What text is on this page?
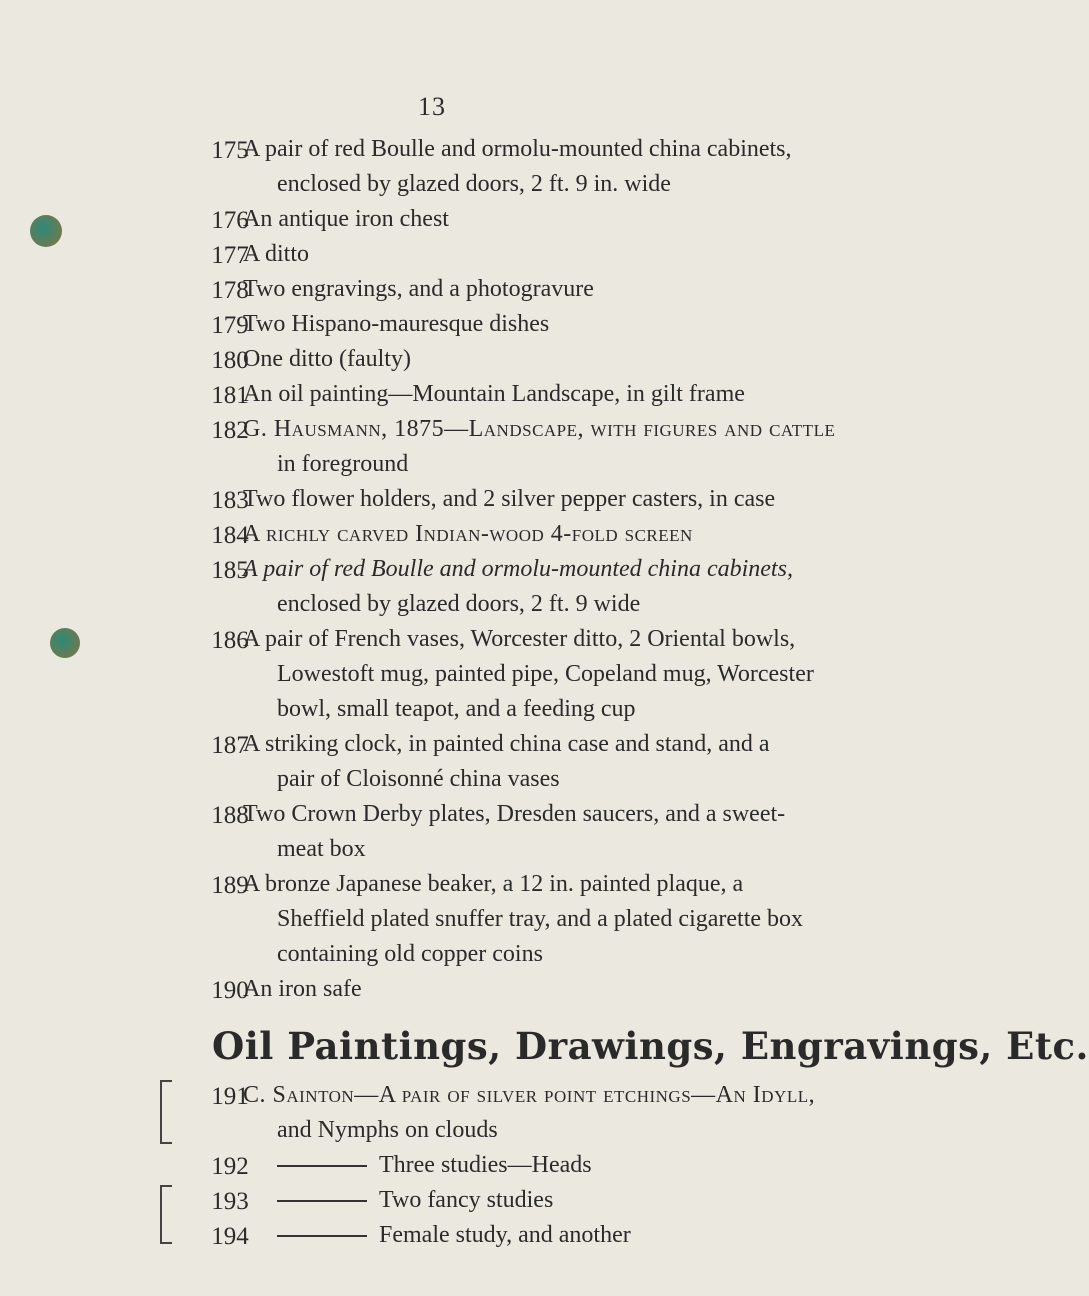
13
175
A pair of red Boulle and ormolu-mounted china cabinets,
enclosed by glazed doors, 2 ft. 9 in. wide
176
An antique iron chest
177
A ditto
178
Two engravings, and a photogravure
179
Two Hispano-mauresque dishes
180
One ditto (faulty)
181
An oil painting—Mountain Landscape, in gilt frame
182
G. Hausmann, 1875—Landscape, with figures and cattle
in foreground
183
Two flower holders, and 2 silver pepper casters, in case
184
A richly carved Indian-wood 4-fold screen
185
A pair of red Boulle and ormolu-mounted china cabinets,
enclosed by glazed doors, 2 ft. 9 wide
186
A pair of French vases, Worcester ditto, 2 Oriental bowls,
Lowestoft mug, painted pipe, Copeland mug, Worcester
bowl, small teapot, and a feeding cup
187
A striking clock, in painted china case and stand, and a
pair of Cloisonné china vases
188
Two Crown Derby plates, Dresden saucers, and a sweet-
meat box
189
A bronze Japanese beaker, a 12 in. painted plaque, a
Sheffield plated snuffer tray, and a plated cigarette box
containing old copper coins
190
An iron safe
Oil Paintings, Drawings, Engravings, Etc.
191
C. Sainton—A pair of silver point etchings—An Idyll,
and Nymphs on clouds
192	Three studies—Heads
193	Two fancy studies
194	Female study, and another
